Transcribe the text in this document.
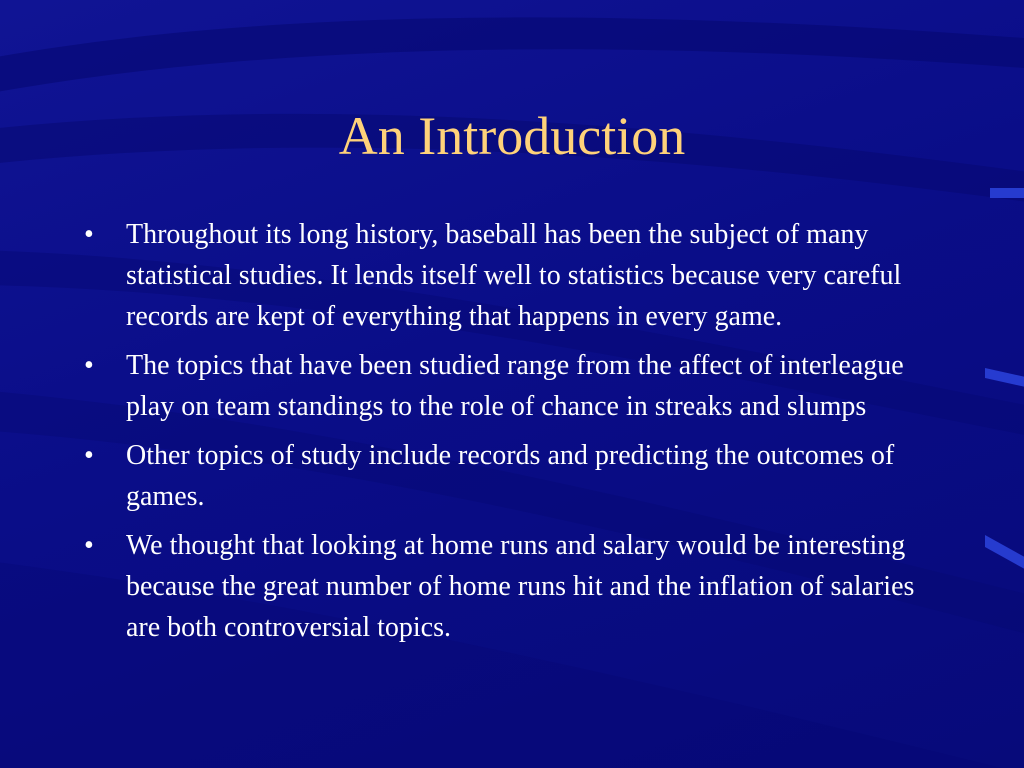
An Introduction
• Throughout its long history, baseball has been the subject of many statistical studies. It lends itself well to statistics because very careful records are kept of everything that happens in every game.
• The topics that have been studied range from the affect of interleague play on team standings to the role of chance in streaks and slumps
• Other topics of study include records and predicting the outcomes of games.
• We thought that looking at home runs and salary would be interesting because the great number of home runs hit and the inflation of salaries are both controversial topics.
